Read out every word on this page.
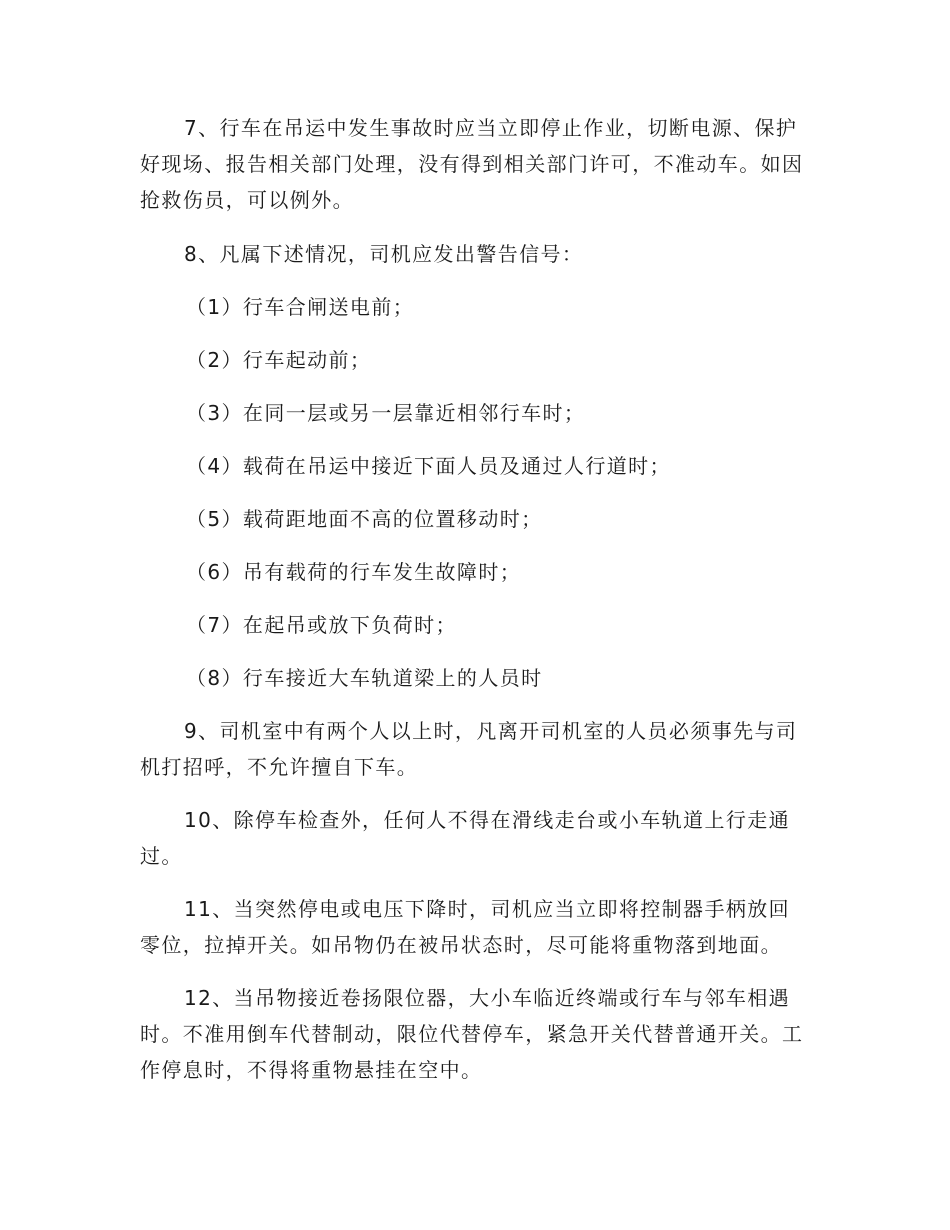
7、行车在吊运中发生事故时应当立即停止作业，切断电源、保护好现场、报告相关部门处理，没有得到相关部门许可，不准动车。如因抢救伤员，可以例外。

8、凡属下述情况，司机应发出警告信号：

（1）行车合闸送电前；

（2）行车起动前；

（3）在同一层或另一层靠近相邻行车时；

（4）载荷在吊运中接近下面人员及通过人行道时；

（5）载荷距地面不高的位置移动时；

（6）吊有载荷的行车发生故障时；

（7）在起吊或放下负荷时；

（8）行车接近大车轨道梁上的人员时

9、司机室中有两个人以上时，凡离开司机室的人员必须事先与司机打招呼，不允许擅自下车。

10、除停车检查外，任何人不得在滑线走台或小车轨道上行走通过。

11、当突然停电或电压下降时，司机应当立即将控制器手柄放回零位，拉掉开关。如吊物仍在被吊状态时，尽可能将重物落到地面。

12、当吊物接近卷扬限位器，大小车临近终端或行车与邻车相遇时。不准用倒车代替制动，限位代替停车，紧急开关代替普通开关。工作停息时，不得将重物悬挂在空中。
